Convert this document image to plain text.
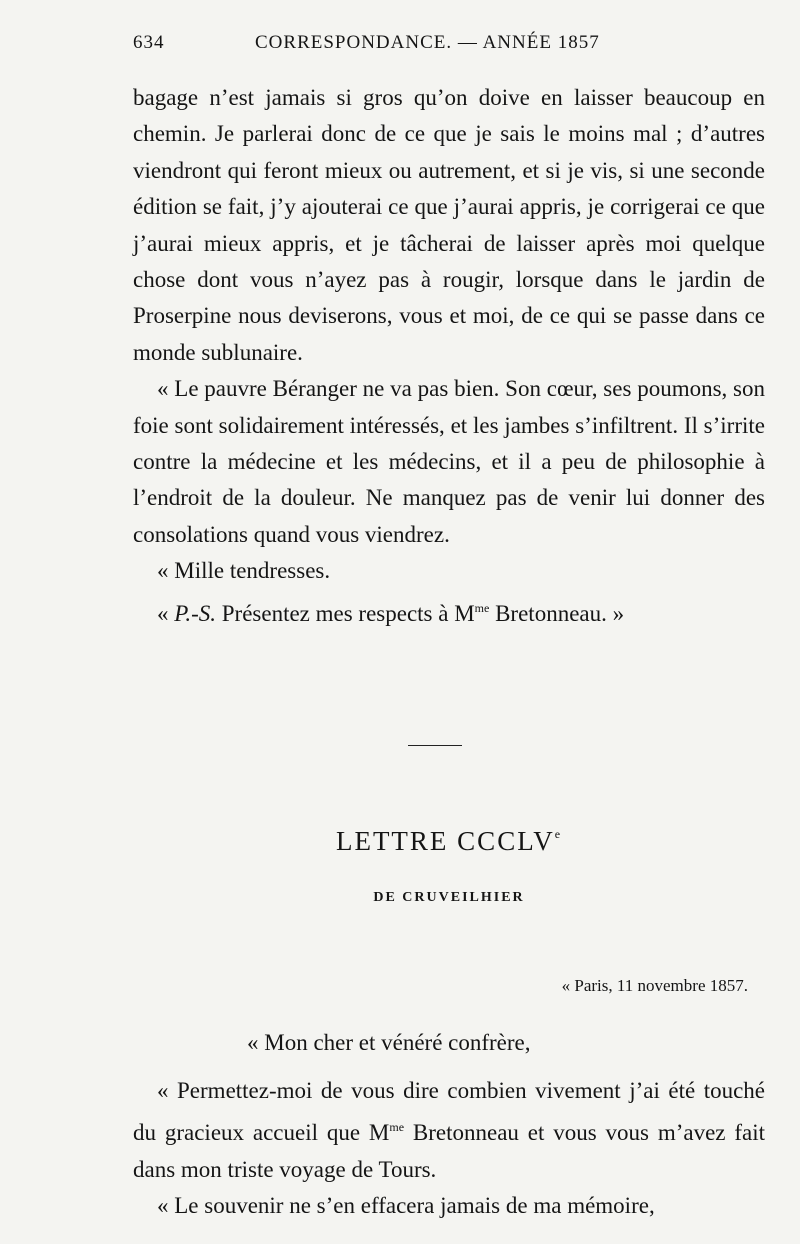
634	CORRESPONDANCE. — ANNÉE 1857

bagage n’est jamais si gros qu’on doive en laisser beaucoup en chemin. Je parlerai donc de ce que je sais le moins mal ; d’autres viendront qui feront mieux ou autrement, et si je vis, si une seconde édition se fait, j’y ajouterai ce que j’aurai appris, je corrigerai ce que j’aurai mieux appris, et je tâcherai de laisser après moi quelque chose dont vous n’ayez pas à rougir, lorsque dans le jardin de Proserpine nous deviserons, vous et moi, de ce qui se passe dans ce monde sublunaire.

« Le pauvre Béranger ne va pas bien. Son cœur, ses poumons, son foie sont solidairement intéressés, et les jambes s’infiltrent. Il s’irrite contre la médecine et les médecins, et il a peu de philosophie à l’endroit de la douleur. Ne manquez pas de venir lui donner des consolations quand vous viendrez.

« Mille tendresses.

« P.-S. Présentez mes respects à $M^{me}$ Bretonneau. »

LETTRE CCCLVe
DE CRUVEILHIER
« Paris, 11 novembre 1857.
« Mon cher et vénéré confrère,

« Permettez-moi de vous dire combien vivement j’ai été touché du gracieux accueil que $M^{me}$ Bretonneau et vous vous m’avez fait dans mon triste voyage de Tours.

« Le souvenir ne s’en effacera jamais de ma mémoire,
